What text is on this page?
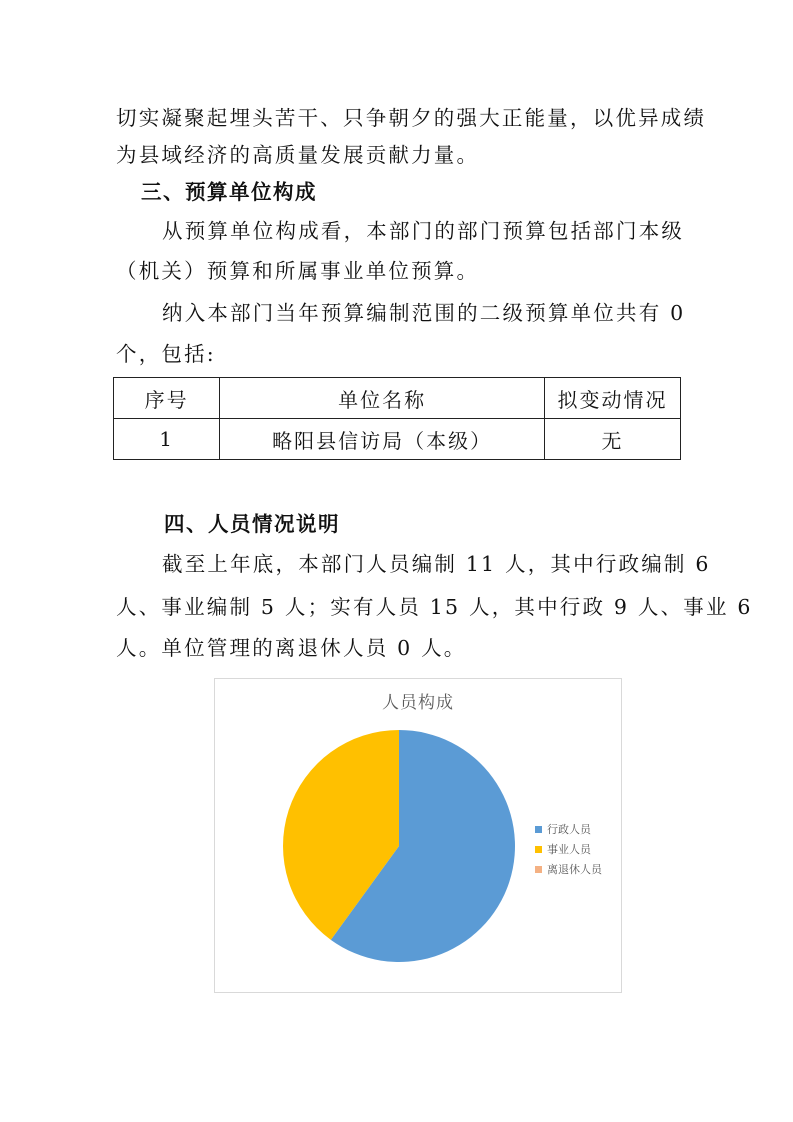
切实凝聚起埋头苦干、只争朝夕的强大正能量，以优异成绩
为县域经济的高质量发展贡献力量。
三、预算单位构成
从预算单位构成看，本部门的部门预算包括部门本级
（机关）预算和所属事业单位预算。
纳入本部门当年预算编制范围的二级预算单位共有 0
个，包括:
序号	单位名称	拟变动情况
1	略阳县信访局（本级）	无
四、人员情况说明
截至上年底，本部门人员编制 11 人，其中行政编制 6
人、事业编制 5 人；实有人员 15 人，其中行政 9 人、事业 6
人。单位管理的离退休人员 0 人。
人员构成
行政人员
事业人员
离退休人员
